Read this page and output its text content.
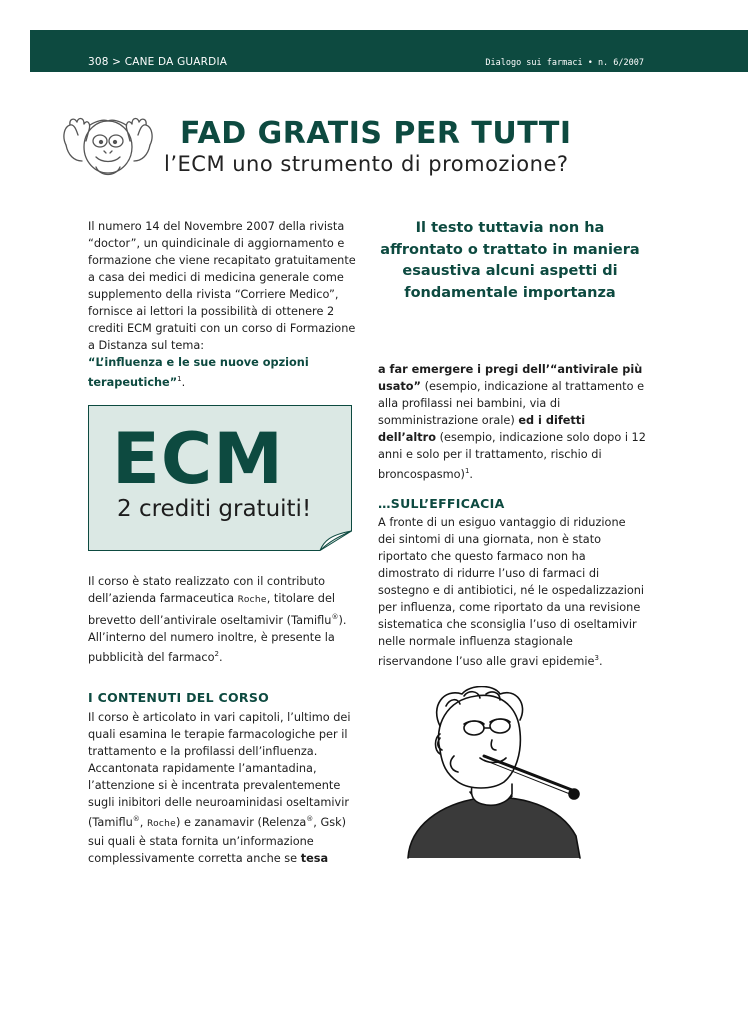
308 > CANE DA GUARDIA	Dialogo sui farmaci • n. 6/2007
FAD GRATIS PER TUTTI
l’ECM uno strumento di promozione?
Il numero 14 del Novembre 2007 della rivista “doctor”, un quindicinale di aggiornamento e formazione che viene recapitato gratuitamente a casa dei medici di medicina generale come supplemento della rivista “Corriere Medico”, fornisce ai lettori la possibilità di ottenere 2 crediti ECM gratuiti con un corso di Formazione a Distanza sul tema:
“L’influenza e le sue nuove opzioni terapeutiche”$^1$.
ECM
2 crediti gratuiti!
Il corso è stato realizzato con il contributo dell’azienda farmaceutica Roche, titolare del brevetto dell’antivirale oseltamivir (Tamiflu®). All’interno del numero inoltre, è presente la pubblicità del farmaco$^2$.
I CONTENUTI DEL CORSO
Il corso è articolato in vari capitoli, l’ultimo dei quali esamina le terapie farmacologiche per il trattamento e la profilassi dell’influenza. Accantonata rapidamente l’amantadina, l’attenzione si è incentrata prevalentemente sugli inibitori delle neuroaminidasi oseltamivir (Tamiflu®, Roche) e zanamavir (Relenza®, Gsk) sui quali è stata fornita un’informazione complessivamente corretta anche se tesa
Il testo tuttavia non ha affrontato o trattato in maniera esaustiva alcuni aspetti di fondamentale importanza
a far emergere i pregi dell’“antivirale più usato” (esempio, indicazione al trattamento e alla profilassi nei bambini, via di somministrazione orale) ed i difetti dell’altro (esempio, indicazione solo dopo i 12 anni e solo per il trattamento, rischio di broncospasmo)$^1$.
…SULL’EFFICACIA
A fronte di un esiguo vantaggio di riduzione dei sintomi di una giornata, non è stato riportato che questo farmaco non ha dimostrato di ridurre l’uso di farmaci di sostegno e di antibiotici, né le ospedalizzazioni per influenza, come riportato da una revisione sistematica che sconsiglia l’uso di oseltamivir nelle normale influenza stagionale riservandone l’uso alle gravi epidemie$^3$.
